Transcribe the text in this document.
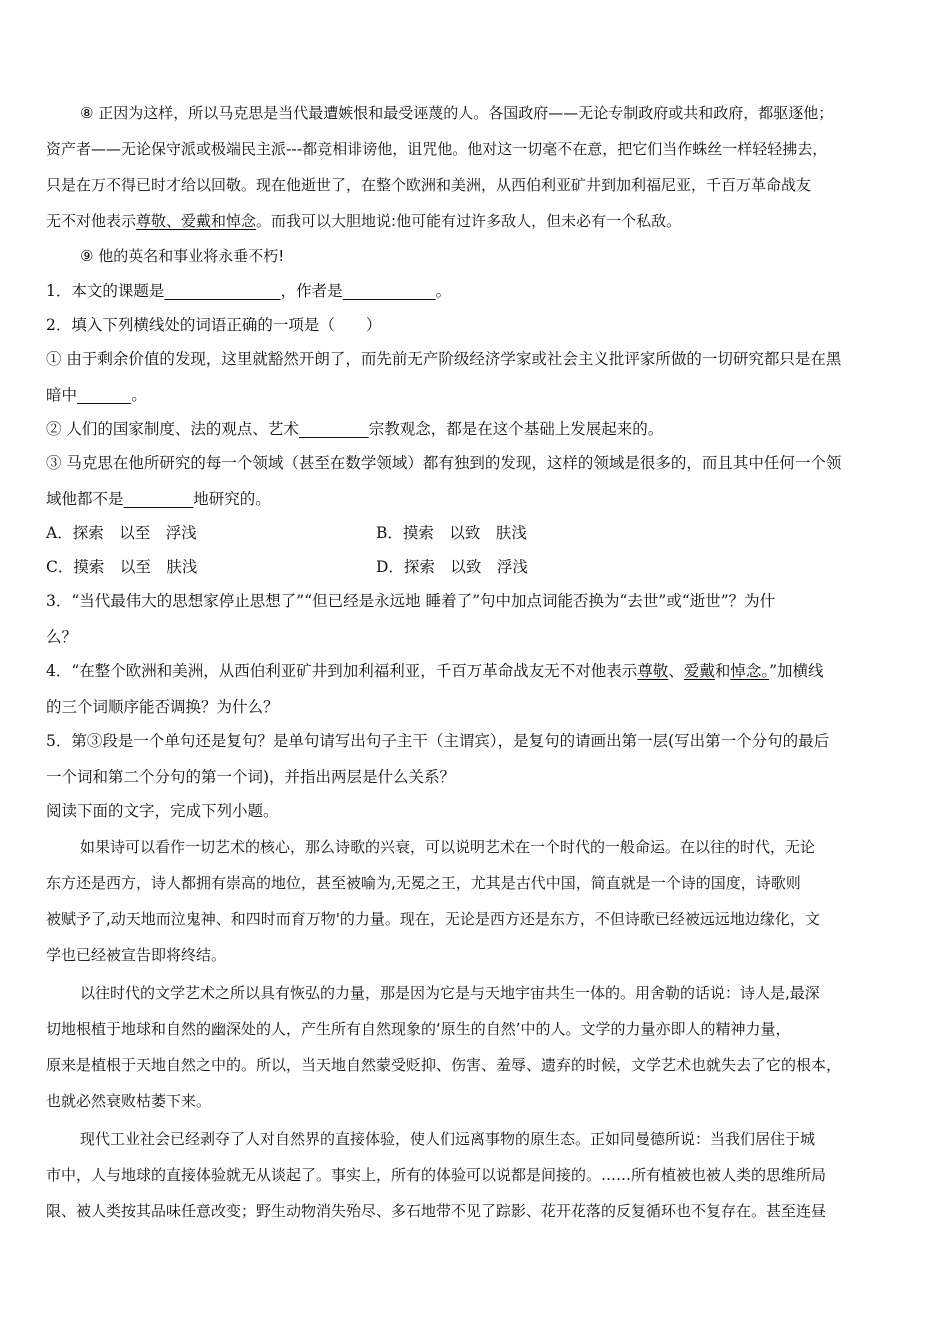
⑧ 正因为这样，所以马克思是当代最遭嫉恨和最受诬蔑的人。各国政府——无论专制政府或共和政府，都驱逐他；
资产者——无论保守派或极端民主派---都竞相诽谤他，诅咒他。他对这一切毫不在意，把它们当作蛛丝一样轻轻拂去，
只是在万不得已时才给以回敬。现在他逝世了，在整个欧洲和美洲，从西伯利亚矿井到加利福尼亚，千百万革命战友
无不对他表示尊敬、爱戴和悼念。而我可以大胆地说:他可能有过许多敌人，但未必有一个私敌。
⑨ 他的英名和事业将永垂不朽!
1．本文的课题是        	，作者是      	。
2．填入下列横线处的词语正确的一项是（　　）
① 由于剩余价值的发现，这里就豁然开朗了，而先前无产阶级经济学家或社会主义批评家所做的一切研究都只是在黑
暗中    	。
② 人们的国家制度、法的观点、艺术     	宗教观念，都是在这个基础上发展起来的。
③ 马克思在他所研究的每一个领域（甚至在数学领域）都有独到的发现，这样的领域是很多的，而且其中任何一个领
域他都不是     	地研究的。
A．探索　以至　浮浅	B．摸索　以致　肤浅
C．摸索　以至　肤浅	D．探索　以致　浮浅
3．“当代最伟大的思想家停止思想了”“但已经是永远地 睡着了”句中加点词能否换为“去世”或“逝世”？为什
么？
4．“在整个欧洲和美洲，从西伯利亚矿井到加利福利亚，千百万革命战友无不对他表示尊敬、爱戴和悼念。”加横线
的三个词顺序能否调换？为什么？
5．第③段是一个单句还是复句？是单句请写出句子主干（主谓宾），是复句的请画出第一层(写出第一个分句的最后
一个词和第二个分句的第一个词)，并指出两层是什么关系？
阅读下面的文字，完成下列小题。
如果诗可以看作一切艺术的核心，那么诗歌的兴衰，可以说明艺术在一个时代的一般命运。在以往的时代，无论
东方还是西方，诗人都拥有崇高的地位，甚至被喻为,无冕之王，尤其是古代中国，简直就是一个诗的国度，诗歌则
被赋予了,动天地而泣鬼神、和四时而育万物'的力量。现在，无论是西方还是东方，不但诗歌已经被远远地边缘化，文
学也已经被宣告即将终结。
以往时代的文学艺术之所以具有恢弘的力量，那是因为它是与天地宇宙共生一体的。用舍勒的话说：诗人是,最深
切地根植于地球和自然的幽深处的人，产生所有自然现象的‘原生的自然’中的人。文学的力量亦即人的精神力量，
原来是植根于天地自然之中的。所以，当天地自然蒙受贬抑、伤害、羞辱、遗弃的时候，文学艺术也就失去了它的根本，
也就必然衰败枯萎下来。
现代工业社会已经剥夺了人对自然界的直接体验，使人们远离事物的原生态。正如同曼德所说：当我们居住于城
市中，人与地球的直接体验就无从谈起了。事实上，所有的体验可以说都是间接的。……所有植被也被人类的思维所局
限、被人类按其品味任意改变；野生动物消失殆尽、多石地带不见了踪影、花开花落的反复循环也不复存在。甚至连昼
